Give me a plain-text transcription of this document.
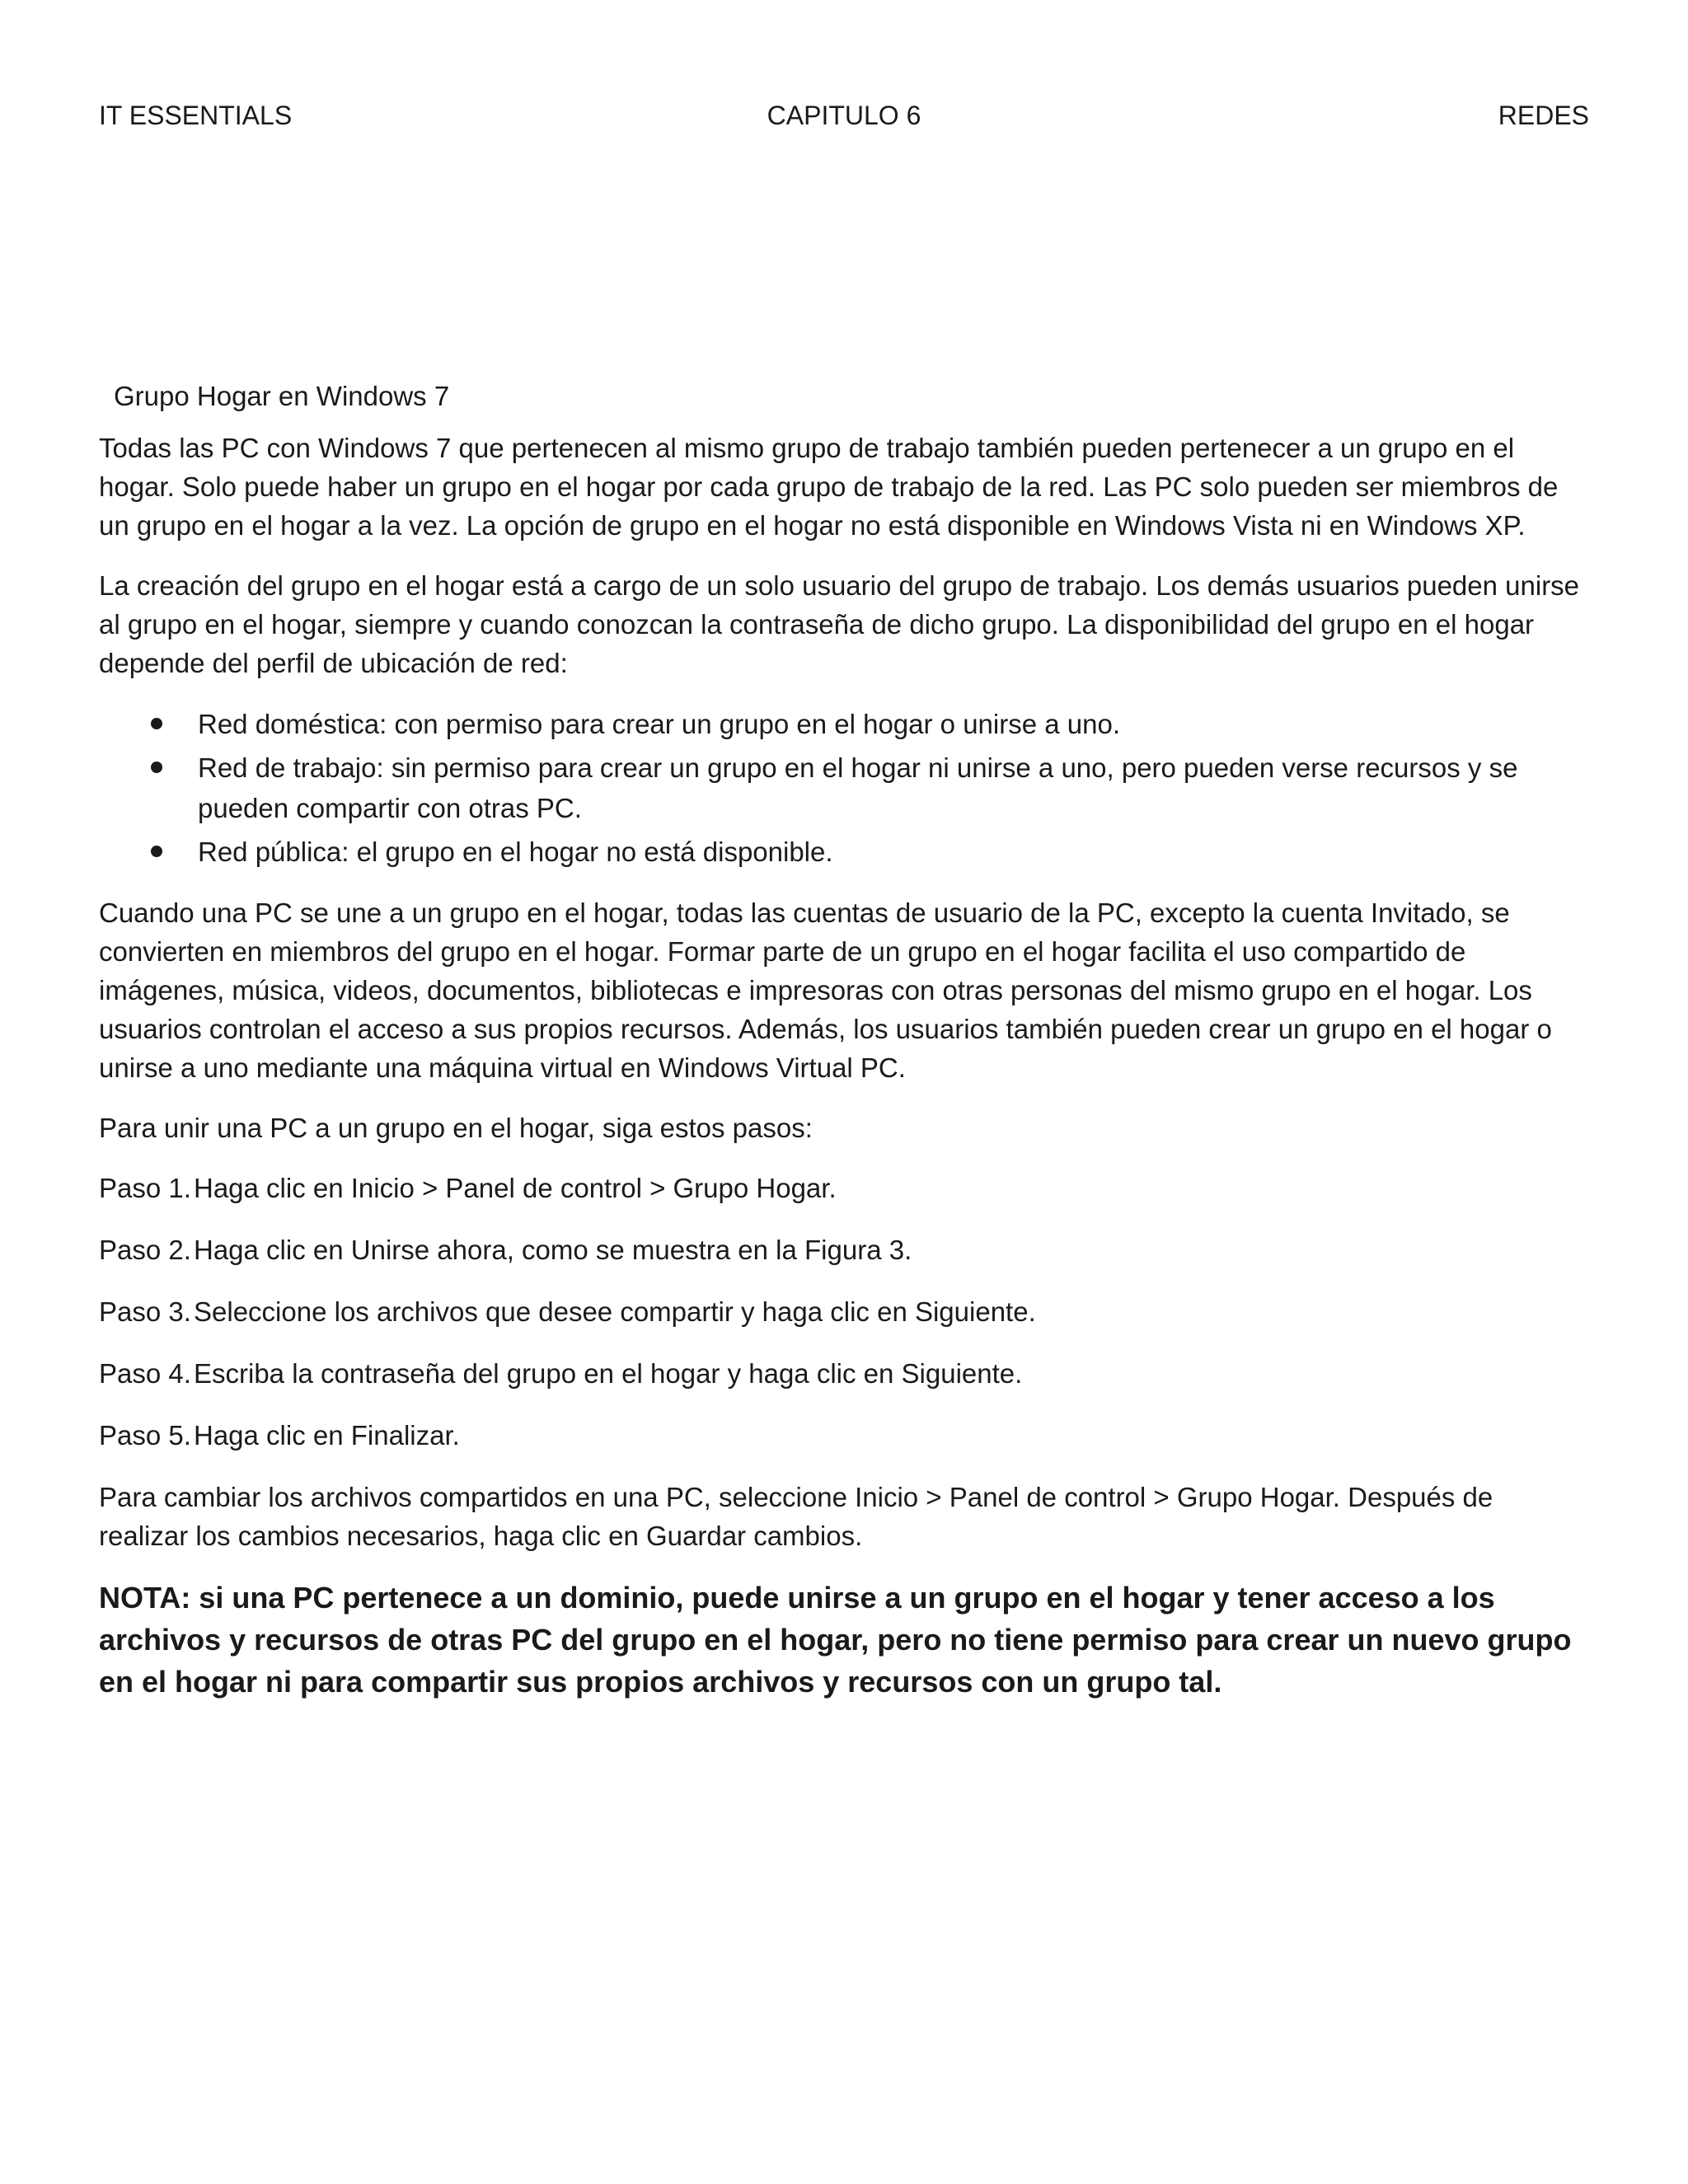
IT ESSENTIALS	CAPITULO 6	REDES
Grupo Hogar en Windows 7

Todas las PC con Windows 7 que pertenecen al mismo grupo de trabajo también pueden pertenecer a un grupo en el hogar. Solo puede haber un grupo en el hogar por cada grupo de trabajo de la red. Las PC solo pueden ser miembros de un grupo en el hogar a la vez. La opción de grupo en el hogar no está disponible en Windows Vista ni en Windows XP.

La creación del grupo en el hogar está a cargo de un solo usuario del grupo de trabajo. Los demás usuarios pueden unirse al grupo en el hogar, siempre y cuando conozcan la contraseña de dicho grupo. La disponibilidad del grupo en el hogar depende del perfil de ubicación de red:

Red doméstica: con permiso para crear un grupo en el hogar o unirse a uno.
Red de trabajo: sin permiso para crear un grupo en el hogar ni unirse a uno, pero pueden verse recursos y se pueden compartir con otras PC.
Red pública: el grupo en el hogar no está disponible.

Cuando una PC se une a un grupo en el hogar, todas las cuentas de usuario de la PC, excepto la cuenta Invitado, se convierten en miembros del grupo en el hogar. Formar parte de un grupo en el hogar facilita el uso compartido de imágenes, música, videos, documentos, bibliotecas e impresoras con otras personas del mismo grupo en el hogar. Los usuarios controlan el acceso a sus propios recursos. Además, los usuarios también pueden crear un grupo en el hogar o unirse a uno mediante una máquina virtual en Windows Virtual PC.

Para unir una PC a un grupo en el hogar, siga estos pasos:

Paso 1.Haga clic en Inicio > Panel de control > Grupo Hogar.
Paso 2.Haga clic en Unirse ahora, como se muestra en la Figura 3.
Paso 3.Seleccione los archivos que desee compartir y haga clic en Siguiente.
Paso 4.Escriba la contraseña del grupo en el hogar y haga clic en Siguiente.
Paso 5.Haga clic en Finalizar.

Para cambiar los archivos compartidos en una PC, seleccione Inicio > Panel de control > Grupo Hogar. Después de realizar los cambios necesarios, haga clic en Guardar cambios.

NOTA: si una PC pertenece a un dominio, puede unirse a un grupo en el hogar y tener acceso a los archivos y recursos de otras PC del grupo en el hogar, pero no tiene permiso para crear un nuevo grupo en el hogar ni para compartir sus propios archivos y recursos con un grupo tal.
